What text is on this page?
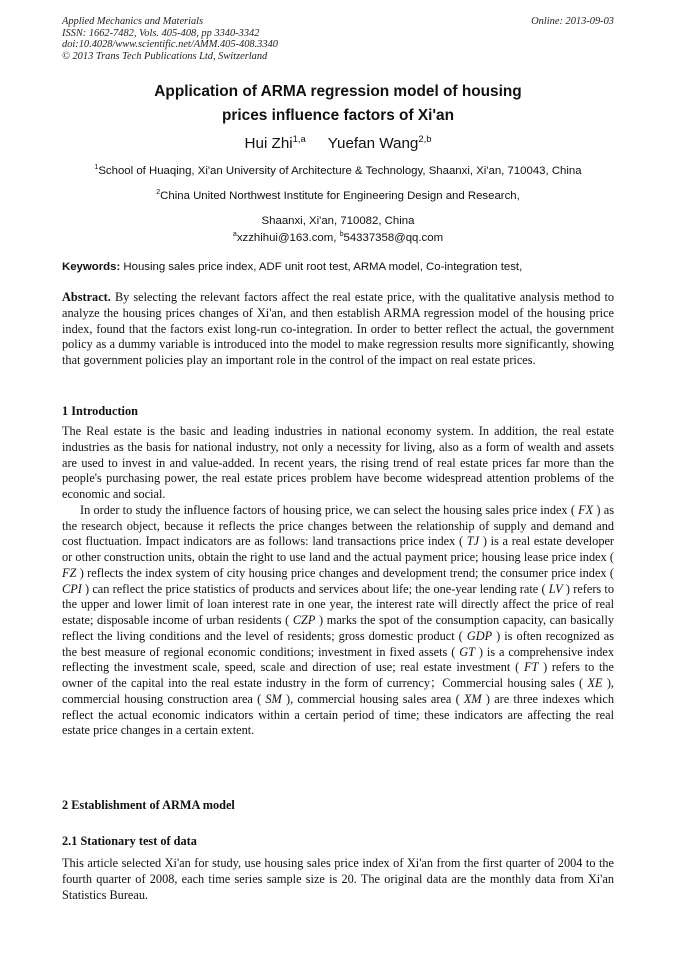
Applied Mechanics and Materials
ISSN: 1662-7482, Vols. 405-408, pp 3340-3342
doi:10.4028/www.scientific.net/AMM.405-408.3340
© 2013 Trans Tech Publications Ltd, Switzerland
Online: 2013-09-03
Application of ARMA regression model of housing
prices influence factors of Xi'an
Hui Zhi$^{1,a}$ Yuefan Wang$^{2,b}$
$^1$School of Huaqing, Xi'an University of Architecture & Technology, Shaanxi, Xi'an, 710043, China
$^2$China United Northwest Institute for Engineering Design and Research,
Shaanxi, Xi'an, 710082, China
$^a$xzzhihui@163.com, $^b$54337358@qq.com
Keywords: Housing sales price index, ADF unit root test, ARMA model, Co-integration test,

Abstract. By selecting the relevant factors affect the real estate price, with the qualitative analysis method to analyze the housing prices changes of Xi'an, and then establish ARMA regression model of the housing price index, found that the factors exist long-run co-integration. In order to better reflect the actual, the government policy as a dummy variable is introduced into the model to make regression results more significantly, showing that government policies play an important role in the control of the impact on real estate prices.

1 Introduction

The Real estate is the basic and leading industries in national economy system. In addition, the real estate industries as the basis for national industry, not only a necessity for living, also as a form of wealth and assets are used to invest in and value-added. In recent years, the rising trend of real estate prices far more than the people's purchasing power, the real estate prices problem have become widespread attention problems of the economic and social.

In order to study the influence factors of housing price, we can select the housing sales price index ( FX ) as the research object, because it reflects the price changes between the relationship of supply and demand and cost fluctuation. Impact indicators are as follows: land transactions price index ( TJ ) is a real estate developer or other construction units, obtain the right to use land and the actual payment price; housing lease price index ( FZ ) reflects the index system of city housing price changes and development trend; the consumer price index ( CPI ) can reflect the price statistics of products and services about life; the one-year lending rate ( LV ) refers to the upper and lower limit of loan interest rate in one year, the interest rate will directly affect the price of real estate; disposable income of urban residents ( CZP ) marks the spot of the consumption capacity, can basically reflect the living conditions and the level of residents; gross domestic product ( GDP ) is often recognized as the best measure of regional economic conditions; investment in fixed assets ( GT ) is a comprehensive index reflecting the investment scale, speed, scale and direction of use; real estate investment ( FT ) refers to the owner of the capital into the real estate industry in the form of currency；Commercial housing sales ( XE ), commercial housing construction area ( SM ), commercial housing sales area ( XM ) are three indexes which reflect the actual economic indicators within a certain period of time; these indicators are affecting the real estate price changes in a certain extent.

2 Establishment of ARMA model
2.1 Stationary test of data

This article selected Xi'an for study, use housing sales price index of Xi'an from the first quarter of 2004 to the fourth quarter of 2008, each time series sample size is 20. The original data are the monthly data from Xi'an Statistics Bureau.
